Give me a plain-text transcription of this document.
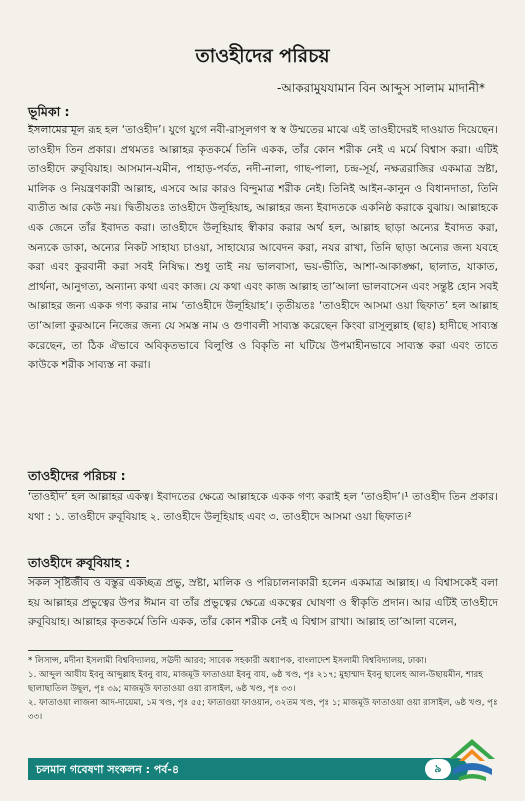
তাওহীদের পরিচয়
-আকরামুযযামান বিন আব্দুস সালাম মাদানী*
ভূমিকা :
ইসলামের মূল রূহ হল ‘তাওহীদ’। যুগে যুগে নবী-রাসূলগণ স্ব স্ব উম্মতের মাঝে এই তাওহীদেরই দাওয়াত দিয়েছেন। তাওহীদ তিন প্রকার। প্রথমতঃ আল্লাহর কৃতকর্মে তিনি একক, তাঁর কোন শরীক নেই এ মর্মে বিশ্বাস করা। এটিই তাওহীদে রুবূবিয়াহ। আসমান-যমীন, পাহাড়-পর্বত, নদী-নালা, গাছ-পালা, চন্দ্র-সূর্য, নক্ষত্ররাজির একমাত্র স্রষ্টা, মালিক ও নিয়ন্ত্রণকারী আল্লাহ, এসবে আর কারও বিন্দুমাত্র শরীক নেই। তিনিই আইন-কানুন ও বিধানদাতা, তিনি ব্যতীত আর কেউ নয়। দ্বিতীয়তঃ তাওহীদে উলূহিয়াহ, আল্লাহর জন্য ইবাদতকে একনিষ্ঠ করাকে বুঝায়। আল্লাহকে এক জেনে তাঁর ইবাদত করা। তাওহীদে উলূহিয়াহ স্বীকার করার অর্থ হল, আল্লাহ ছাড়া অন্যের ইবাদত করা, অন্যকে ডাকা, অন্যের নিকট সাহায্য চাওয়া, সাহায্যের আবেদন করা, নযর রাখা, তিনি ছাড়া অন্যের জন্য যবহে করা এবং কুরবানী করা সবই নিষিদ্ধ। শুধু তাই নয় ভালবাসা, ভয়-ভীতি, আশা-আকাঙ্ক্ষা, ছালাত, যাকাত, প্রার্থনা, আনুগত্য, অন্যান্য কথা এবং কাজ। যে কথা এবং কাজ আল্লাহ তা’আলা ভালবাসেন এবং সন্তুষ্ট হোন সবই আল্লাহর জন্য একক গণ্য করার নাম ‘তাওহীদে উলূহিয়াহ’। তৃতীয়তঃ ‘তাওহীদে আসমা ওয়া ছিফাত’ হল আল্লাহ তা’আলা কুরআনে নিজের জন্য যে সমস্ত নাম ও গুণাবলী সাব্যস্ত করেছেন কিংবা রাসূলুল্লাহ (ছাঃ) হাদীছে সাব্যস্ত করেছেন, তা ঠিক ঐভাবে অবিকৃতভাবে বিলুপ্তি ও বিকৃতি না ঘটিয়ে উপমাহীনভাবে সাব্যস্ত করা এবং তাতে কাউকে শরীক সাব্যস্ত না করা।
তাওহীদের পরিচয় :
‘তাওহীদ’ হল আল্লাহর একত্ব। ইবাদতের ক্ষেত্রে আল্লাহকে একক গণ্য করাই হল ‘তাওহীদ’।¹ তাওহীদ তিন প্রকার। যথা : ১. তাওহীদে রুবূবিয়াহ ২. তাওহীদে উলূহিয়াহ এবং ৩. তাওহীদে আসমা ওয়া ছিফাত।²
তাওহীদে রুবূবিয়াহ :
সকল সৃষ্টিজীব ও বস্তুর একচ্ছত্র প্রভু, স্রষ্টা, মালিক ও পরিচালনাকারী হলেন একমাত্র আল্লাহ। এ বিশ্বাসকেই বলা হয় আল্লাহর প্রভুত্বের উপর ঈমান বা তাঁর প্রভুত্বের ক্ষেত্রে একত্বের ঘোষণা ও স্বীকৃতি প্রদান। আর এটিই তাওহীদে রুবূবিয়াহ। আল্লাহর কৃতকর্মে তিনি একক, তাঁর কোন শরীক নেই এ বিশ্বাস রাখা। আল্লাহ তা’আলা বলেন,
* লিসান্স, মদীনা ইসলামী বিশ্ববিদ্যালয়, সঊদী আরব; সাবেক সহকারী অধ্যাপক, বাংলাদেশ ইসলামী বিশ্ববিদ্যালয়, ঢাকা।
১. আব্দুল আযীয ইবনু আব্দুল্লাহ ইবনু বায, মাজমূউ ফাতাওয়া ইবনু বায, ৬ষ্ঠ খণ্ড, পৃঃ ২১৭; মুহাম্মাদ ইবনু ছালেহ আল-উছায়মীন, শারহ ছালাছাতিল উছূল, পৃঃ ৩৯; মাজমূউ ফাতাওয়া ওয়া রাসাইল, ৬ষ্ঠ খণ্ড, পৃঃ ৩৩।
২. ফাতাওয়া লাজনা আদ-দায়েমা, ১ম খণ্ড, পৃঃ ৫৫; ফাতাওয়া ফাওয়ান, ৩২তম খণ্ড, পৃঃ ১; মাজমূউ ফাতাওয়া ওয়া রাসাইল, ৬ষ্ঠ খণ্ড, পৃঃ ৩৩।
চলমান গবেষণা সংকলন : পর্ব-৪	৯
